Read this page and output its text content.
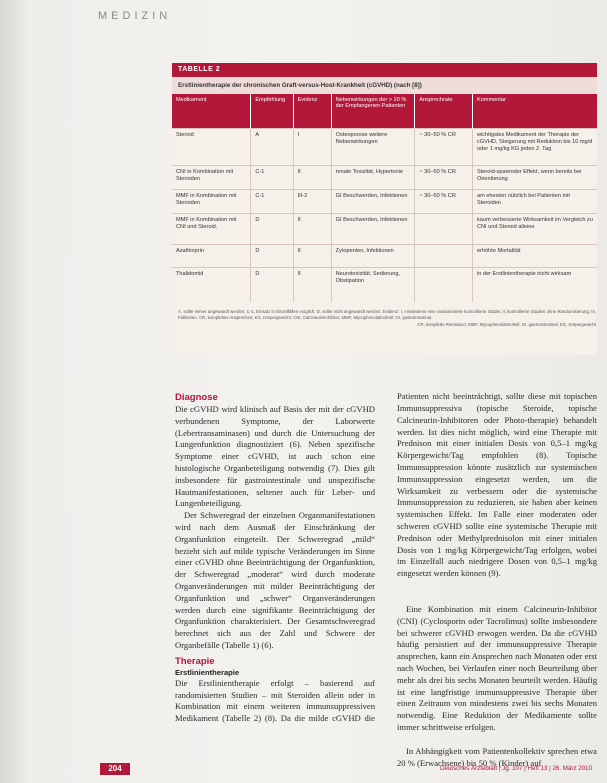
MEDIZIN
TABELLE 2
Erstlinientherapie der chronischen Graft-versus-Host-Krankheit (cGVHD) (nach [8])
Medikament	Empfehlung	Evidenz	Nebenwirkungen der > 20 % der Empfangenen Patienten	Ansprechrate	Kommentar
Steroid	A	I	Osteoporose weitere Nebenwirkungen	~ 30–50 % CR	wichtigstes Medikament der Therapie der cGVHD, Steigerung mit Reduktion bis 10 mg/d oder 1 mg/kg KG jeden 2. Tag
CNI in Kombination mit Steroiden	C-1	II	renale Toxizität, Hypertonie	~ 30–50 % CR	Steroid-sparender Effekt, wenn bereits bei Orientierung
MMF in Kombination mit Steroiden	C-1	III-2	GI Beschwerden, Infektionen	~ 30–50 % CR	am ehesten nützlich bei Patienten mit Steroiden
MMF in Kombination mit CNI und Steroid.	D	II	GI Beschwerden, Infektionen		kaum verbesserte Wirksamkeit im Vergleich zu CNI und Steroid alleine
Azathioprin	D	II	Zytopenien, Infektionen		erhöhte Mortalität
Thalidomid	D	II	Neurotoxizität, Sedierung, Obstipation		in der Erstlinientherapie nicht wirksam
A, sollte immer angewandt werden; C-1, Einsatz in Einzelfällen möglich; D, sollte nicht angewandt werden; Evidenz: I, mindestens eine randomisierte kontrollierte Studie; II, kontrollierte Studien ohne Randomisierung; III, Fallserien. CR, komplettes Ansprechen; KG, Körpergewicht; CNI, Calcineurininhibitor; MMF, Mycophenolatmofetil; GI, gastrointestinal.
CR, komplette Remission; MMF, Mycophenolatmofetil; GI, gastrointestinal; KG, Körpergewicht
Diagnose

Die cGVHD wird klinisch auf Basis der mit der cGVHD verbundenen Symptome, der Laborwerte (Lebertransaminasen) und durch die Untersuchung der Lungenfunktion diagnostiziert (6). Neben spezifische Symptome einer cGVHD, ist auch schon eine histologische Organbeteiligung notwendig (7). Dies gilt insbesondere für gastrointestinale und unspezifische Hautmanifestationen, seltener auch für Leber- und Lungenbeteiligung.

Der Schweregrad der einzelnen Organmanifestationen wird nach dem Ausmaß der Einschränkung der Organfunktion eingeteilt. Der Schweregrad „mild“ bezieht sich auf milde typische Veränderungen im Sinne einer cGVHD ohne Beeinträchtigung der Organfunktion, der Schweregrad „moderat“ wird durch moderate Organveränderungen mit milder Beeinträchtigung der Organfunktion und „schwer“ Organveränderungen werden durch eine signifikante Beeinträchtigung der Organfunktion charakterisiert. Der Gesamtschweregrad berechnet sich aus der Zahl und Schwere der Organbefälle (Tabelle 1) (6).

Therapie
Erstlinientherapie

Die Erstlinientherapie erfolgt – basierend auf randomisierten Studien – mit Steroiden allein oder in Kombination mit einem weiteren immunsuppressiven Medikament (Tabelle 2) (8). Da die milde cGVHD die

Patienten nicht beeinträchtigt, sollte diese mit topischen Immunsuppressiva (topische Steroide, topische Calcineurin-Inhibitoren oder Photo-therapie) behandelt werden. Ist dies nicht möglich, wird eine Therapie mit Prednison mit einer initialen Dosis von 0,5–1 mg/kg Körpergewicht/Tag empfohlen (8). Topische Immunsuppression könnte zusätzlich zur systemischen Immunsuppression eingesetzt werden, um die Wirksamkeit zu verbessern oder die systemische Immunsuppression zu reduzieren, sie haben aber keinen systemischen Effekt. Im Falle einer moderaten oder schweren cGVHD sollte eine systemische Therapie mit Prednison oder Methylprednisolon mit einer initialen Dosis von 1 mg/kg Körpergewicht/Tag erfolgen, wobei im Einzelfall auch niedrigere Dosen von 0,5–1 mg/kg eingesetzt werden können (9).

Eine Kombination mit einem Calcineurin-Inhibitor (CNI) (Cyclosporin oder Tacrolimus) sollte insbesondere bei schwerer cGVHD erwogen werden. Da die cGVHD häufig persistiert auf der immunsuppressive Therapie ansprechen, kann ein Ansprechen nach Monaten oder erst nach Wochen, bei Verlaufen einer noch Beurteilung über mehr als drei bis sechs Monaten beurteilt werden. Häufig ist eine langfristige immunsuppressive Therapie über einen Zeitraum von mindestens zwei bis sechs Monaten notwendig. Eine Reduktion der Medikamente sollte immer schrittweise erfolgen.

In Abhängigkeit vom Patientenkollektiv sprechen etwa 20 % (Erwachsene) bis 50 % (Kinder) auf

204	Deutsches Ärzteblatt | Jg. 107 | Heft 13 | 26. März 2010
